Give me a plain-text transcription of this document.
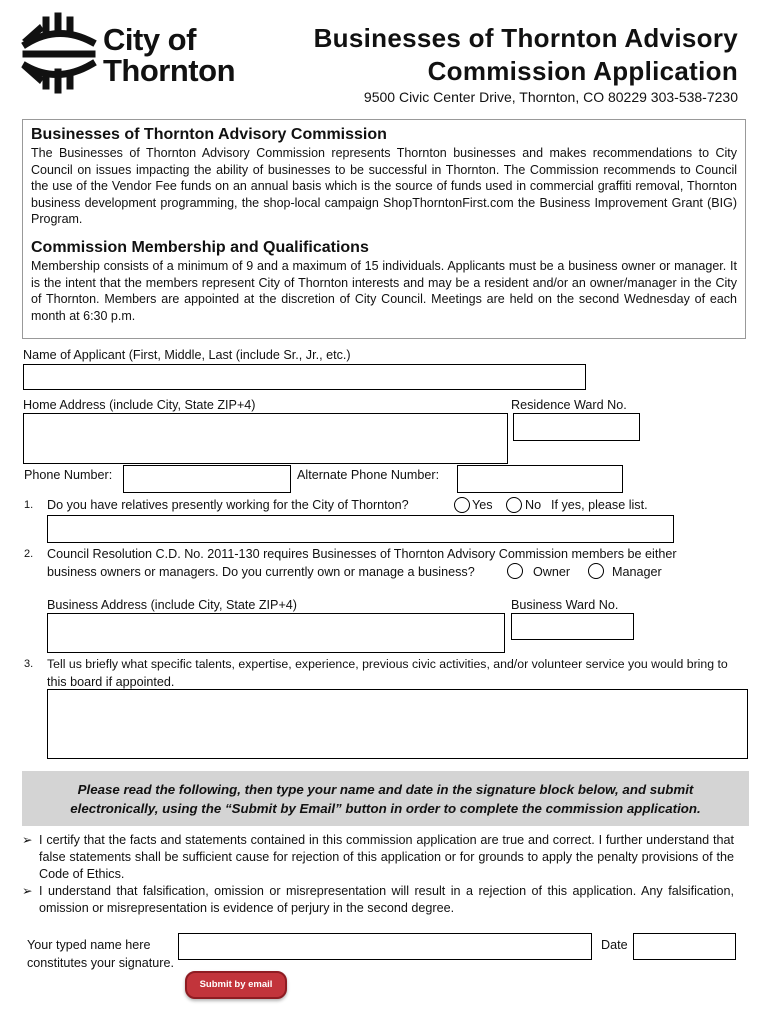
City of
Thornton
Businesses of Thornton Advisory
Commission Application
9500 Civic Center Drive, Thornton, CO 80229 303-538-7230
Businesses of Thornton Advisory Commission

The Businesses of Thornton Advisory Commission represents Thornton businesses and makes recommendations to City Council on issues impacting the ability of businesses to be successful in Thornton. The Commission recommends to Council the use of the Vendor Fee funds on an annual basis which is the source of funds used in commercial graffiti removal, Thornton business development programming, the shop-local campaign ShopThorntonFirst.com the Business Improvement Grant (BIG) Program.

Commission Membership and Qualifications

Membership consists of a minimum of 9 and a maximum of 15 individuals. Applicants must be a business owner or manager. It is the intent that the members represent City of Thornton interests and may be a resident and/or an owner/manager in the City of Thornton. Members are appointed at the discretion of City Council. Meetings are held on the second Wednesday of each month at 6:30 p.m.

Name of Applicant (First, Middle, Last (include Sr., Jr., etc.)
Home Address (include City, State ZIP+4)	Residence Ward No.
Phone Number:	Alternate Phone Number:
1. Do you have relatives presently working for the City of Thornton?	Yes	No If yes, please list.
2. Council Resolution C.D. No. 2011-130 requires Businesses of Thornton Advisory Commission members be either
business owners or managers. Do you currently own or manage a business?	Owner	Manager
Business Address (include City, State ZIP+4)	Business Ward No.
3. Tell us briefly what specific talents, expertise, experience, previous civic activities, and/or volunteer service you would bring to
this board if appointed.
Please read the following, then type your name and date in the signature block below, and submit
electronically, using the “Submit by Email” button in order to complete the commission application.
➢ I certify that the facts and statements contained in this commission application are true and correct. I further understand that false statements shall be sufficient cause for rejection of this application or for grounds to apply the penalty provisions of the Code of Ethics.
➢ I understand that falsification, omission or misrepresentation will result in a rejection of this application. Any falsification, omission or misrepresentation is evidence of perjury in the second degree.
Your typed name here
constitutes your signature.
Date
Submit by email
